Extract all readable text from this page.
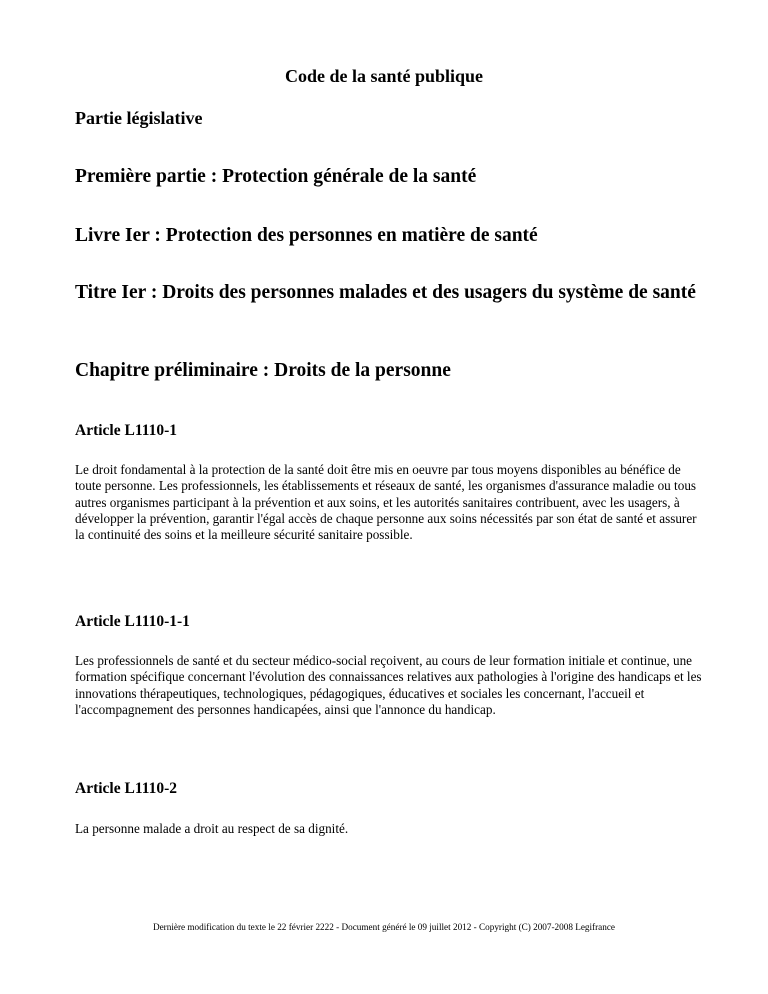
Code de la santé publique
Partie législative
Première partie : Protection générale de la santé
Livre Ier : Protection des personnes en matière de santé
Titre Ier : Droits des personnes malades et des usagers du système de santé
Chapitre préliminaire : Droits de la personne
Article L1110-1

Le droit fondamental à la protection de la santé doit être mis en oeuvre par tous moyens disponibles au bénéfice de toute personne. Les professionnels, les établissements et réseaux de santé, les organismes d'assurance maladie ou tous autres organismes participant à la prévention et aux soins, et les autorités sanitaires contribuent, avec les usagers, à développer la prévention, garantir l'égal accès de chaque personne aux soins nécessités par son état de santé et assurer la continuité des soins et la meilleure sécurité sanitaire possible.

Article L1110-1-1

Les professionnels de santé et du secteur médico-social reçoivent, au cours de leur formation initiale et continue, une formation spécifique concernant l'évolution des connaissances relatives aux pathologies à l'origine des handicaps et les innovations thérapeutiques, technologiques, pédagogiques, éducatives et sociales les concernant, l'accueil et l'accompagnement des personnes handicapées, ainsi que l'annonce du handicap.

Article L1110-2

La personne malade a droit au respect de sa dignité.

Dernière modification du texte le 22 février 2222 - Document généré le 09 juillet 2012 - Copyright (C) 2007-2008 Legifrance
